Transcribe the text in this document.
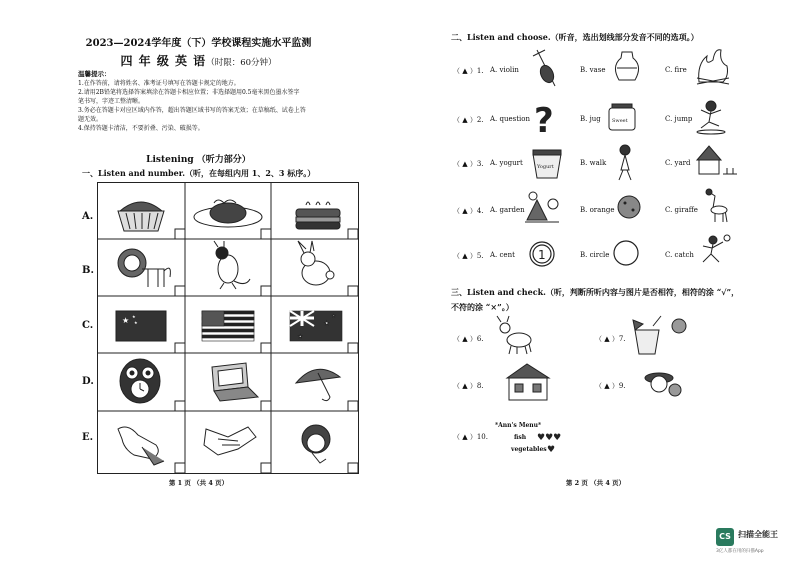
2023—2024学年度（下）学校课程实施水平监测
四 年 级 英 语（时限：60分钟）
温馨提示：
1.在作答前，请将姓名、准考证号填写在答题卡规定的地方。
2.请用2B铅笔将选择答案填涂在答题卡相应位置；非选择题用0.5毫米黑色墨水签字
笔书写，字迹工整清晰。
3.务必在答题卡对应区域内作答，超出答题区域书写的答案无效；在草稿纸、试卷上答
题无效。
4.保持答题卡清洁，不要折叠、污染、破损等。
Listening （听力部分）
一、Listen and number.（听，在每组内用 1、2、3 标序。）
A.
B.
C.
D.
E.
★ ★
★	★
★
★
第 1 页 （共 4 页）
二、Listen and choose.（听音，选出划线部分发音不同的选项。）
（ ▲ ）1. A. violin	B. vase	C. fire
（ ▲ ）2. A. question	B. jug	C. jump
（ ▲ ）3. A. yogurt	B. walk	C. yard
（ ▲ ）4. A. garden	B. orange	C. giraffe
（ ▲ ）5. A. cent	B. circle	C. catch
?	Sweet
Yogurt
1
三、Listen and check.（听，判断所听内容与图片是否相符，相符的涂 “√”，
不符的涂 “×”。）
（ ▲ ）6.	（ ▲ ）7.
（ ▲ ）8.	（ ▲ ）9.
（ ▲ ）10.	♥♥♥
♥
*Ann's Menu*
fish
vegetables
第 2 页 （共 4 页）
CS 扫描全能王
3亿人都在用的扫描App
